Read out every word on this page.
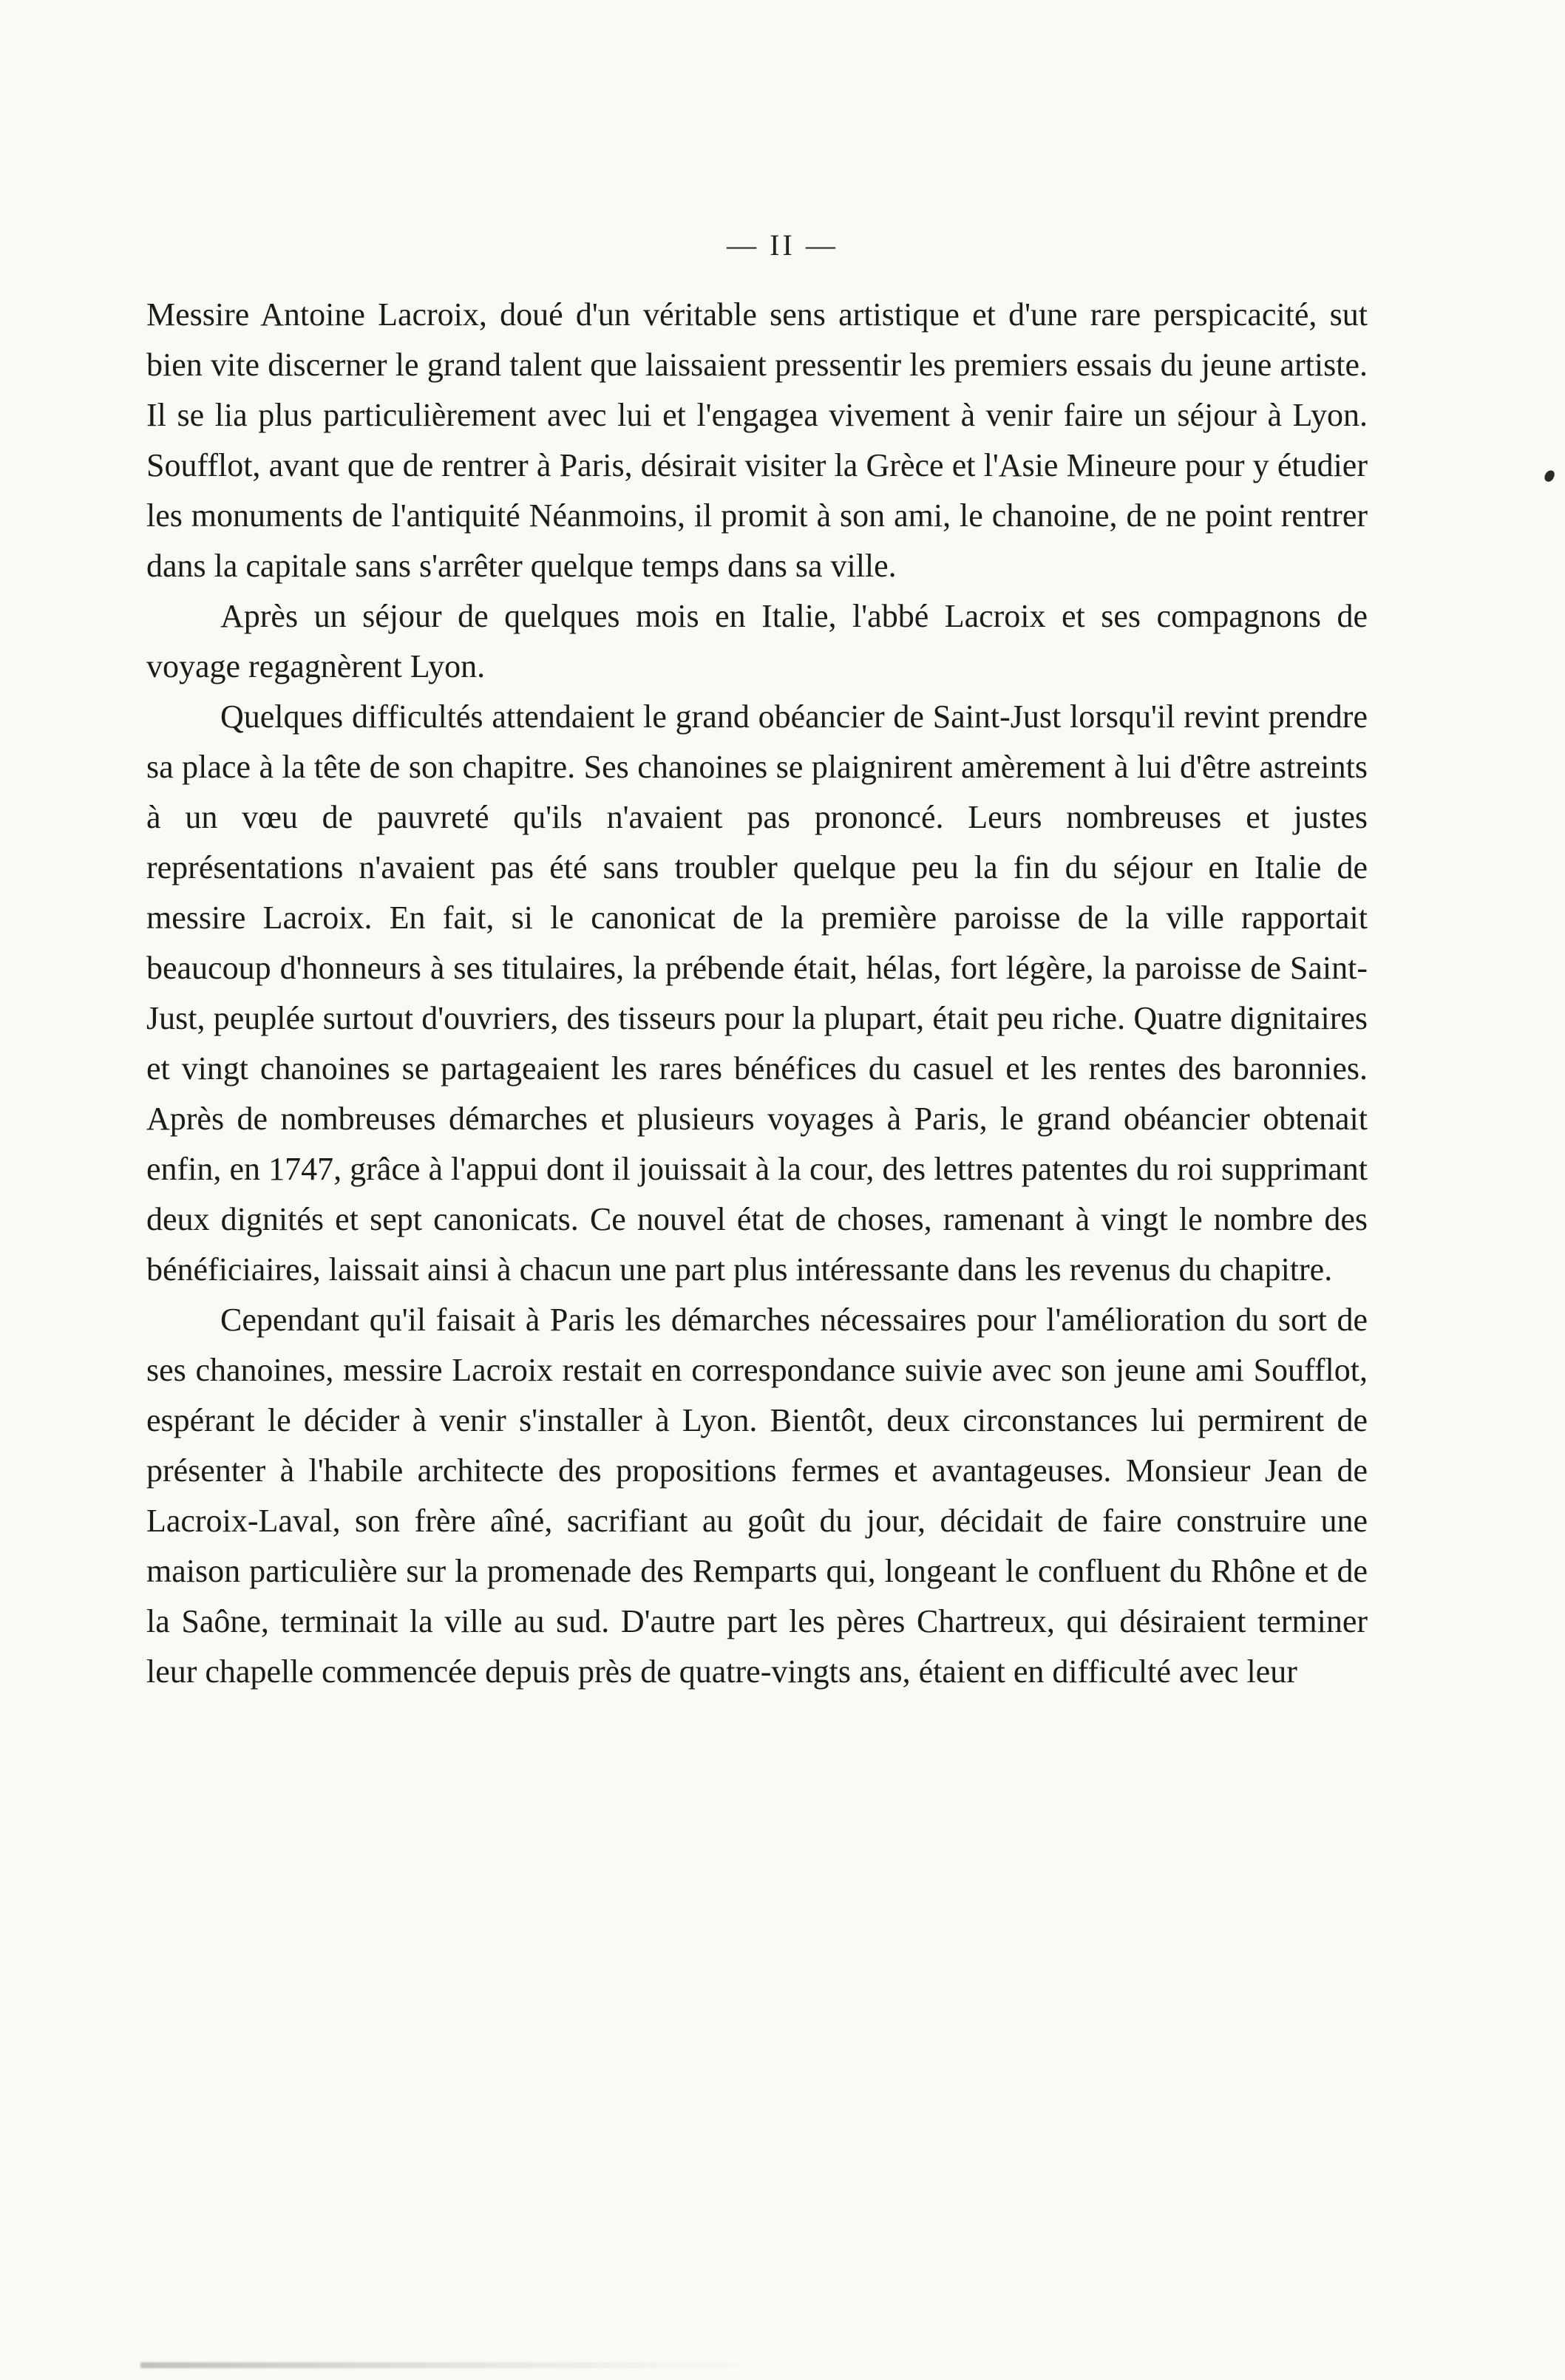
— II —

Messire Antoine Lacroix, doué d'un véritable sens artistique et d'une rare perspicacité, sut bien vite discerner le grand talent que laissaient pressentir les premiers essais du jeune artiste. Il se lia plus particulièrement avec lui et l'engagea vivement à venir faire un séjour à Lyon. Soufflot, avant que de rentrer à Paris, désirait visiter la Grèce et l'Asie Mineure pour y étudier les monuments de l'antiquité Néanmoins, il promit à son ami, le chanoine, de ne point rentrer dans la capitale sans s'arrêter quelque temps dans sa ville.

Après un séjour de quelques mois en Italie, l'abbé Lacroix et ses compagnons de voyage regagnèrent Lyon.

Quelques difficultés attendaient le grand obéancier de Saint-Just lorsqu'il revint prendre sa place à la tête de son chapitre. Ses chanoines se plaignirent amèrement à lui d'être astreints à un vœu de pauvreté qu'ils n'avaient pas prononcé. Leurs nombreuses et justes représentations n'avaient pas été sans troubler quelque peu la fin du séjour en Italie de messire Lacroix. En fait, si le canonicat de la première paroisse de la ville rapportait beaucoup d'honneurs à ses titulaires, la prébende était, hélas, fort légère, la paroisse de Saint-Just, peuplée surtout d'ouvriers, des tisseurs pour la plupart, était peu riche. Quatre dignitaires et vingt chanoines se partageaient les rares bénéfices du casuel et les rentes des baronnies. Après de nombreuses démarches et plusieurs voyages à Paris, le grand obéancier obtenait enfin, en 1747, grâce à l'appui dont il jouissait à la cour, des lettres patentes du roi supprimant deux dignités et sept canonicats. Ce nouvel état de choses, ramenant à vingt le nombre des bénéficiaires, laissait ainsi à chacun une part plus intéressante dans les revenus du chapitre.

Cependant qu'il faisait à Paris les démarches nécessaires pour l'amélioration du sort de ses chanoines, messire Lacroix restait en correspondance suivie avec son jeune ami Soufflot, espérant le décider à venir s'installer à Lyon. Bientôt, deux circonstances lui permirent de présenter à l'habile architecte des propositions fermes et avantageuses. Monsieur Jean de Lacroix-Laval, son frère aîné, sacrifiant au goût du jour, décidait de faire construire une maison particulière sur la promenade des Remparts qui, longeant le confluent du Rhône et de la Saône, terminait la ville au sud. D'autre part les pères Chartreux, qui désiraient terminer leur chapelle commencée depuis près de quatre-vingts ans, étaient en difficulté avec leur
